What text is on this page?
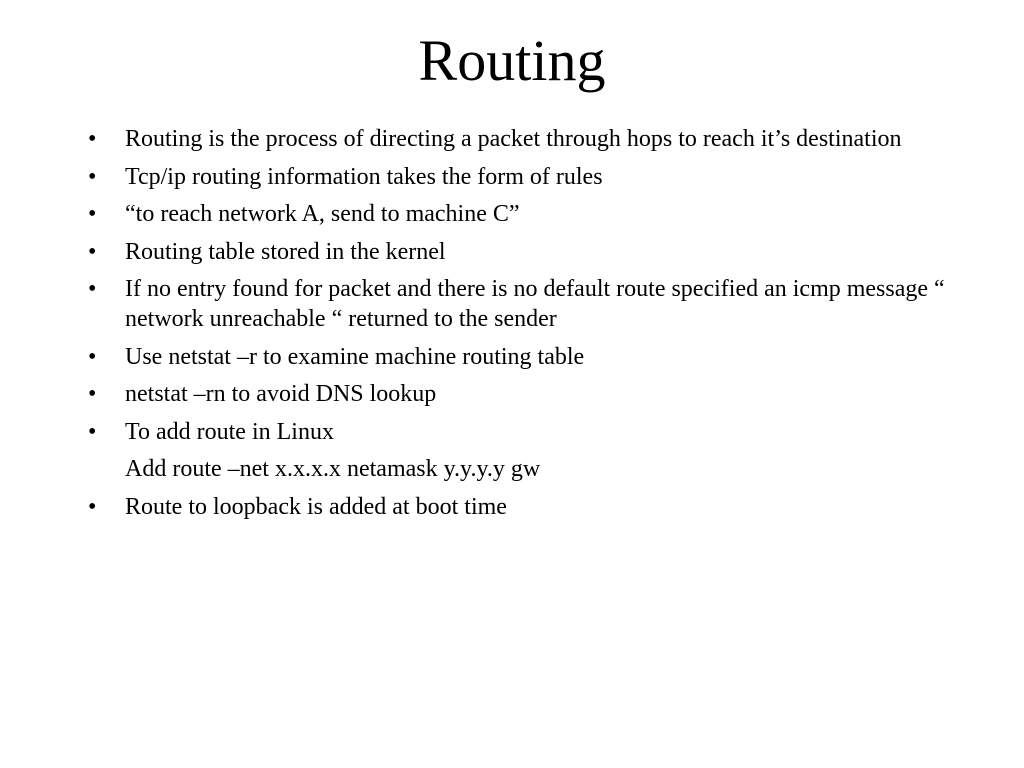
Routing
•	Routing is the process of directing a packet through hops to reach it’s destination
•	Tcp/ip routing information takes the form of rules
•	“to reach network A, send to machine C”
•	Routing table stored in the kernel
•	If no entry found for packet and there is no default route specified an icmp message “ network unreachable “ returned to the sender
•	Use netstat –r to examine machine routing table
•	netstat –rn to avoid DNS lookup
•	To add route in Linux
Add route –net x.x.x.x netamask y.y.y.y gw
•	Route to loopback is added at boot time
